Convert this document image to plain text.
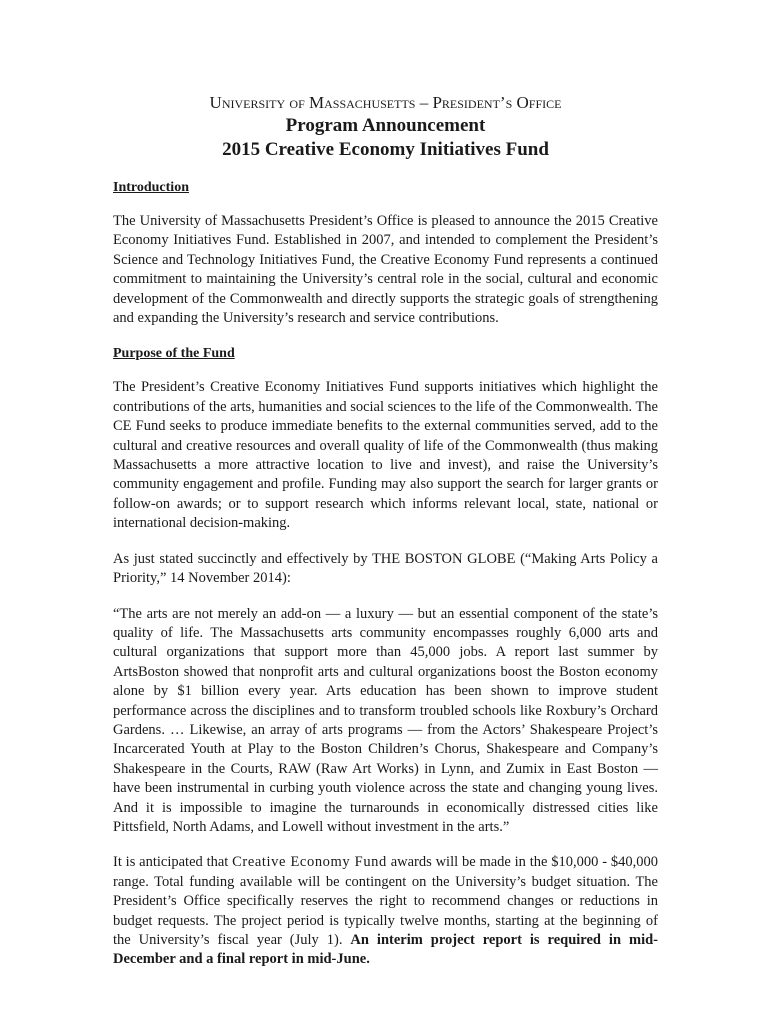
University of Massachusetts – President’s Office
Program Announcement
2015 Creative Economy Initiatives Fund
Introduction

The University of Massachusetts President’s Office is pleased to announce the 2015 Creative Economy Initiatives Fund. Established in 2007, and intended to complement the President’s Science and Technology Initiatives Fund, the Creative Economy Fund represents a continued commitment to maintaining the University’s central role in the social, cultural and economic development of the Commonwealth and directly supports the strategic goals of strengthening and expanding the University’s research and service contributions.

Purpose of the Fund

The President’s Creative Economy Initiatives Fund supports initiatives which highlight the contributions of the arts, humanities and social sciences to the life of the Commonwealth. The CE Fund seeks to produce immediate benefits to the external communities served, add to the cultural and creative resources and overall quality of life of the Commonwealth (thus making Massachusetts a more attractive location to live and invest), and raise the University’s community engagement and profile. Funding may also support the search for larger grants or follow-on awards; or to support research which informs relevant local, state, national or international decision-making.

As just stated succinctly and effectively by THE BOSTON GLOBE (“Making Arts Policy a Priority,” 14 November 2014):

“The arts are not merely an add-on — a luxury — but an essential component of the state’s quality of life. The Massachusetts arts community encompasses roughly 6,000 arts and cultural organizations that support more than 45,000 jobs. A report last summer by ArtsBoston showed that nonprofit arts and cultural organizations boost the Boston economy alone by $1 billion every year. Arts education has been shown to improve student performance across the disciplines and to transform troubled schools like Roxbury’s Orchard Gardens. … Likewise, an array of arts programs — from the Actors’ Shakespeare Project’s Incarcerated Youth at Play to the Boston Children’s Chorus, Shakespeare and Company’s Shakespeare in the Courts, RAW (Raw Art Works) in Lynn, and Zumix in East Boston — have been instrumental in curbing youth violence across the state and changing young lives. And it is impossible to imagine the turnarounds in economically distressed cities like Pittsfield, North Adams, and Lowell without investment in the arts.”

It is anticipated that Creative Economy Fund awards will be made in the $10,000 - $40,000 range. Total funding available will be contingent on the University’s budget situation. The President’s Office specifically reserves the right to recommend changes or reductions in budget requests. The project period is typically twelve months, starting at the beginning of the University’s fiscal year (July 1). An interim project report is required in mid-December and a final report in mid-June.
